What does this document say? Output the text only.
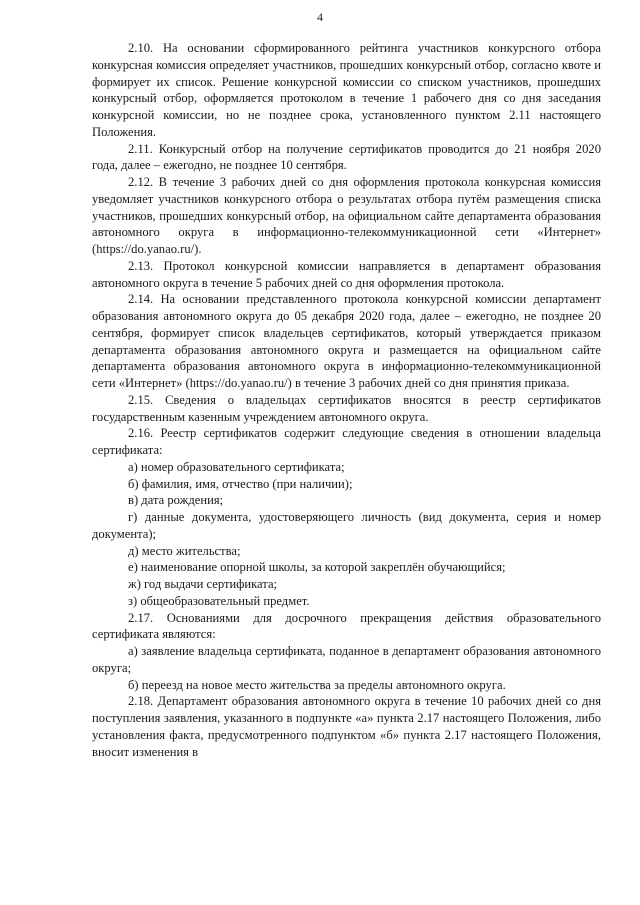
4

2.10. На основании сформированного рейтинга участников конкурсного отбора конкурсная комиссия определяет участников, прошедших конкурсный отбор, согласно квоте и формирует их список. Решение конкурсной комиссии со списком участников, прошедших конкурсный отбор, оформляется протоколом в течение 1 рабочего дня со дня заседания конкурсной комиссии, но не позднее срока, установленного пунктом 2.11 настоящего Положения.

2.11. Конкурсный отбор на получение сертификатов проводится до 21 ноября 2020 года, далее – ежегодно, не позднее 10 сентября.

2.12. В течение 3 рабочих дней со дня оформления протокола конкурсная комиссия уведомляет участников конкурсного отбора о результатах отбора путём размещения списка участников, прошедших конкурсный отбор, на официальном сайте департамента образования автономного округа в информационно-телекоммуникационной сети «Интернет» (https://do.yanao.ru/).

2.13. Протокол конкурсной комиссии направляется в департамент образования автономного округа в течение 5 рабочих дней со дня оформления протокола.

2.14. На основании представленного протокола конкурсной комиссии департамент образования автономного округа до 05 декабря 2020 года, далее – ежегодно, не позднее 20 сентября, формирует список владельцев сертификатов, который утверждается приказом департамента образования автономного округа и размещается на официальном сайте департамента образования автономного округа в информационно-телекоммуникационной сети «Интернет» (https://do.yanao.ru/) в течение 3 рабочих дней со дня принятия приказа.

2.15. Сведения о владельцах сертификатов вносятся в реестр сертификатов государственным казенным учреждением автономного округа.

2.16. Реестр сертификатов содержит следующие сведения в отношении владельца сертификата:

а) номер образовательного сертификата;

б) фамилия, имя, отчество (при наличии);

в) дата рождения;

г) данные документа, удостоверяющего личность (вид документа, серия и номер документа);

д) место жительства;

е) наименование опорной школы, за которой закреплён обучающийся;

ж) год выдачи сертификата;

з) общеобразовательный предмет.

2.17. Основаниями для досрочного прекращения действия образовательного сертификата являются:

а) заявление владельца сертификата, поданное в департамент образования автономного округа;

б) переезд на новое место жительства за пределы автономного округа.

2.18. Департамент образования автономного округа в течение 10 рабочих дней со дня поступления заявления, указанного в подпункте «а» пункта 2.17 настоящего Положения, либо установления факта, предусмотренного подпунктом «б» пункта 2.17 настоящего Положения, вносит изменения в
